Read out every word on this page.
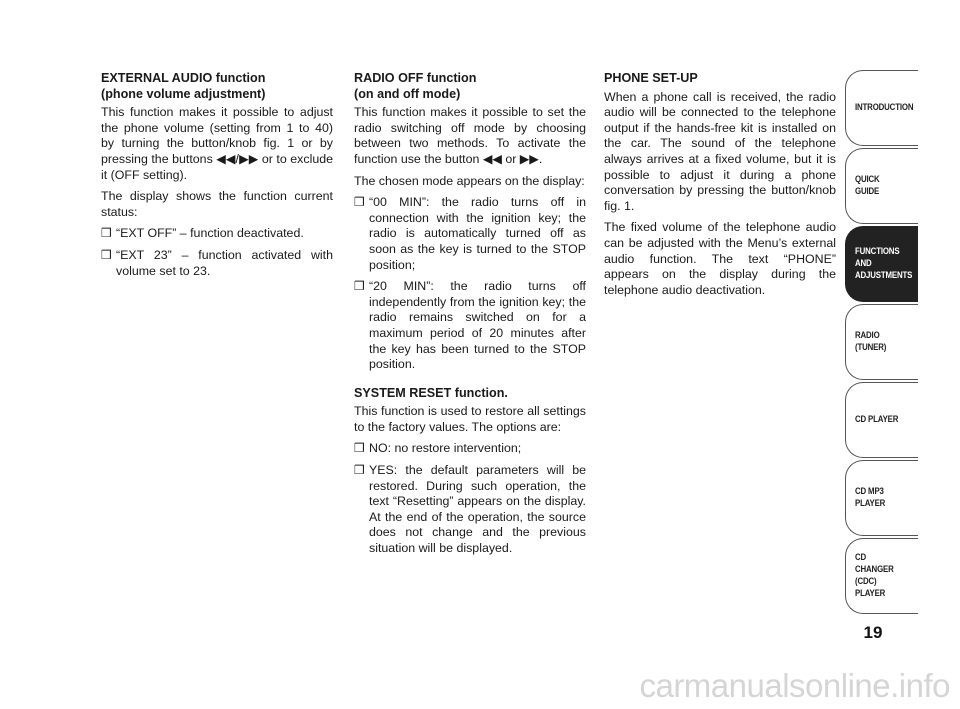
EXTERNAL AUDIO function
(phone volume adjustment)

This function makes it possible to adjust the phone volume (setting from 1 to 40) by turning the button/knob fig. 1 or by pressing the buttons ◀◀/▶▶ or to exclude it (OFF setting).

The display shows the function current status:

❒ “EXT OFF” – function deactivated.
❒ “EXT 23” – function activated with volume set to 23.
RADIO OFF function
(on and off mode)

This function makes it possible to set the radio switching off mode by choosing between two methods. To activate the function use the button ◀◀ or ▶▶.

The chosen mode appears on the display:

❒ “00 MIN”: the radio turns off in connection with the ignition key; the radio is automatically turned off as soon as the key is turned to the STOP position;
❒ “20 MIN”: the radio turns off independently from the ignition key; the radio remains switched on for a maximum period of 20 minutes after the key has been turned to the STOP position.
SYSTEM RESET function.

This function is used to restore all settings to the factory values. The options are:

❒ NO: no restore intervention;
❒ YES: the default parameters will be restored. During such operation, the text “Resetting” appears on the display. At the end of the operation, the source does not change and the previous situation will be displayed.
PHONE SET-UP

When a phone call is received, the radio audio will be connected to the telephone output if the hands-free kit is installed on the car. The sound of the telephone always arrives at a fixed volume, but it is possible to adjust it during a phone conversation by pressing the button/knob fig. 1.

The fixed volume of the telephone audio can be adjusted with the Menu’s external audio function. The text “PHONE” appears on the display during the telephone audio deactivation.

INTRODUCTION
QUICK
GUIDE
FUNCTIONS
AND
ADJUSTMENTS
RADIO
(TUNER)
CD PLAYER
CD MP3
PLAYER
CD CHANGER
(CDC) PLAYER
19
carmanualsonline.info
